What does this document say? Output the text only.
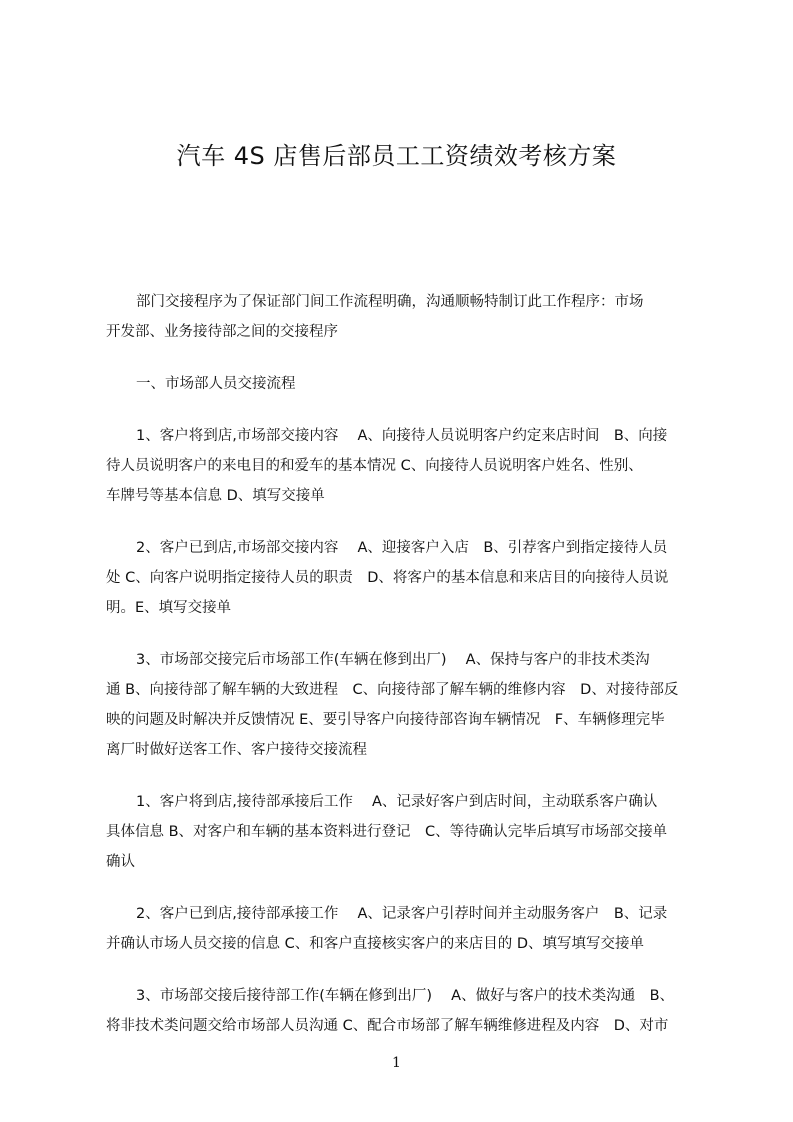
汽车 4S 店售后部员工工资绩效考核方案
部门交接程序为了保证部门间工作流程明确，沟通顺畅特制订此工作程序：市场
开发部、业务接待部之间的交接程序
一、市场部人员交接流程
1、客户将到店,市场部交接内容　 A、向接待人员说明客户约定来店时间　B、向接
待人员说明客户的来电目的和爱车的基本情况 C、向接待人员说明客户姓名、性别、
车牌号等基本信息 D、填写交接单
2、客户已到店,市场部交接内容　 A、迎接客户入店　B、引荐客户到指定接待人员
处 C、向客户说明指定接待人员的职责　D、将客户的基本信息和来店目的向接待人员说
明。E、填写交接单
3、市场部交接完后市场部工作(车辆在修到出厂)　 A、保持与客户的非技术类沟
通 B、向接待部了解车辆的大致进程　C、向接待部了解车辆的维修内容　D、对接待部反
映的问题及时解决并反馈情况 E、要引导客户向接待部咨询车辆情况　F、车辆修理完毕
离厂时做好送客工作、客户接待交接流程
1、客户将到店,接待部承接后工作　 A、记录好客户到店时间，主动联系客户确认
具体信息 B、对客户和车辆的基本资料进行登记　C、等待确认完毕后填写市场部交接单
确认
2、客户已到店,接待部承接工作　 A、记录客户引荐时间并主动服务客户　B、记录
并确认市场人员交接的信息 C、和客户直接核实客户的来店目的 D、填写填写交接单
3、市场部交接后接待部工作(车辆在修到出厂)　 A、做好与客户的技术类沟通　B、
将非技术类问题交给市场部人员沟通 C、配合市场部了解车辆维修进程及内容　D、对市
1
